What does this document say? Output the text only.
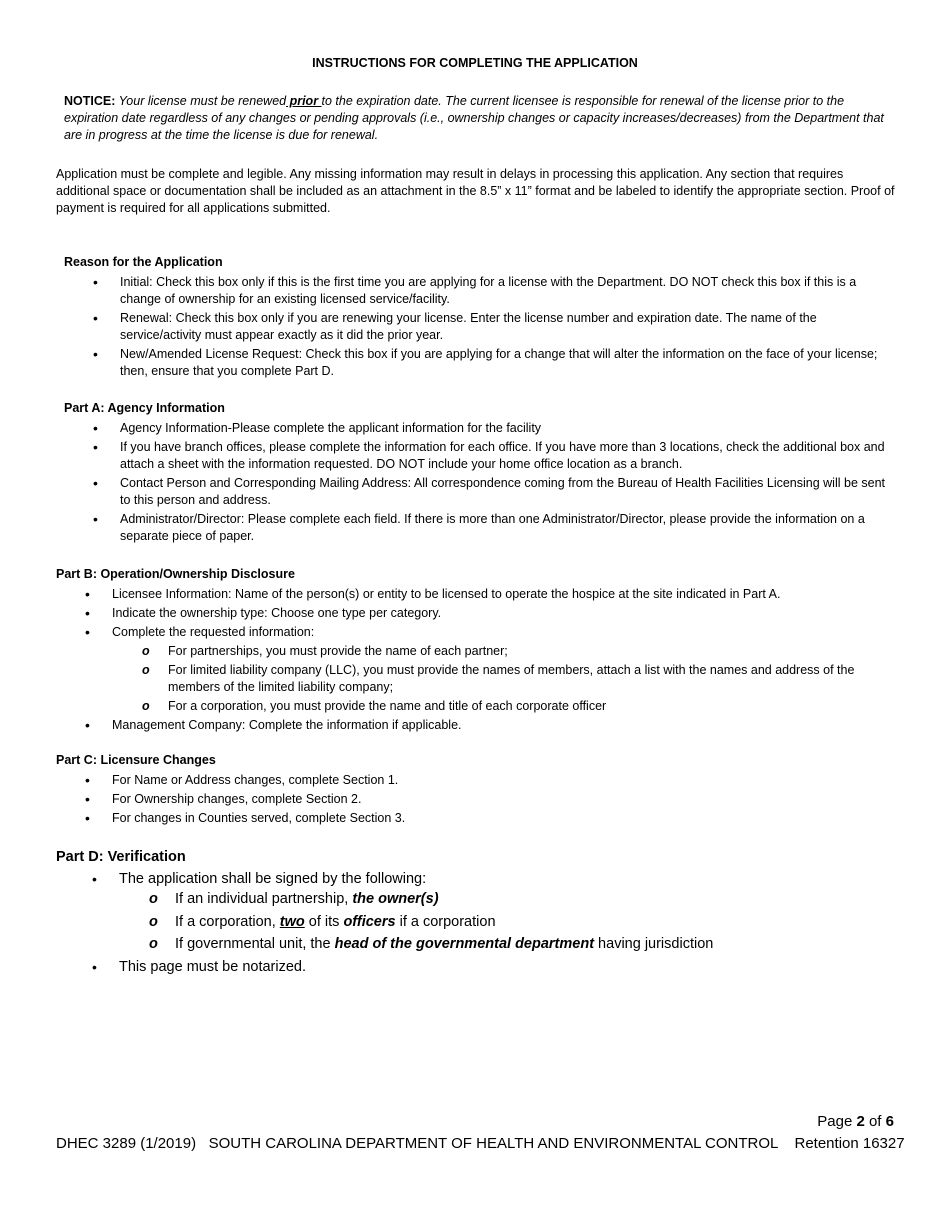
INSTRUCTIONS FOR COMPLETING THE APPLICATION
NOTICE: Your license must be renewed prior to the expiration date. The current licensee is responsible for renewal of the license prior to the expiration date regardless of any changes or pending approvals (i.e., ownership changes or capacity increases/decreases) from the Department that are in progress at the time the license is due for renewal.
Application must be complete and legible. Any missing information may result in delays in processing this application. Any section that requires additional space or documentation shall be included as an attachment in the 8.5” x 11” format and be labeled to identify the appropriate section. Proof of payment is required for all applications submitted.
Reason for the Application
• Initial: Check this box only if this is the first time you are applying for a license with the Department. DO NOT check this box if this is a change of ownership for an existing licensed service/facility.
• Renewal: Check this box only if you are renewing your license. Enter the license number and expiration date. The name of the service/activity must appear exactly as it did the prior year.
• New/Amended License Request: Check this box if you are applying for a change that will alter the information on the face of your license; then, ensure that you complete Part D.
Part A: Agency Information
• Agency Information-Please complete the applicant information for the facility
• If you have branch offices, please complete the information for each office. If you have more than 3 locations, check the additional box and attach a sheet with the information requested. DO NOT include your home office location as a branch.
• Contact Person and Corresponding Mailing Address: All correspondence coming from the Bureau of Health Facilities Licensing will be sent to this person and address.
• Administrator/Director: Please complete each field. If there is more than one Administrator/Director, please provide the information on a separate piece of paper.
Part B: Operation/Ownership Disclosure
• Licensee Information: Name of the person(s) or entity to be licensed to operate the hospice at the site indicated in Part A.
• Indicate the ownership type: Choose one type per category.
• Complete the requested information:
o For partnerships, you must provide the name of each partner;
o For limited liability company (LLC), you must provide the names of members, attach a list with the names and address of the members of the limited liability company;
o For a corporation, you must provide the name and title of each corporate officer
• Management Company: Complete the information if applicable.
Part C: Licensure Changes
• For Name or Address changes, complete Section 1.
• For Ownership changes, complete Section 2.
• For changes in Counties served, complete Section 3.
Part D: Verification
• The application shall be signed by the following:
o If an individual partnership, the owner(s)
o If a corporation, two of its officers if a corporation
o If governmental unit, the head of the governmental department having jurisdiction
• This page must be notarized.
Page 2 of 6
DHEC 3289 (1/2019)   SOUTH CAROLINA DEPARTMENT OF HEALTH AND ENVIRONMENTAL CONTROL    Retention 16327
